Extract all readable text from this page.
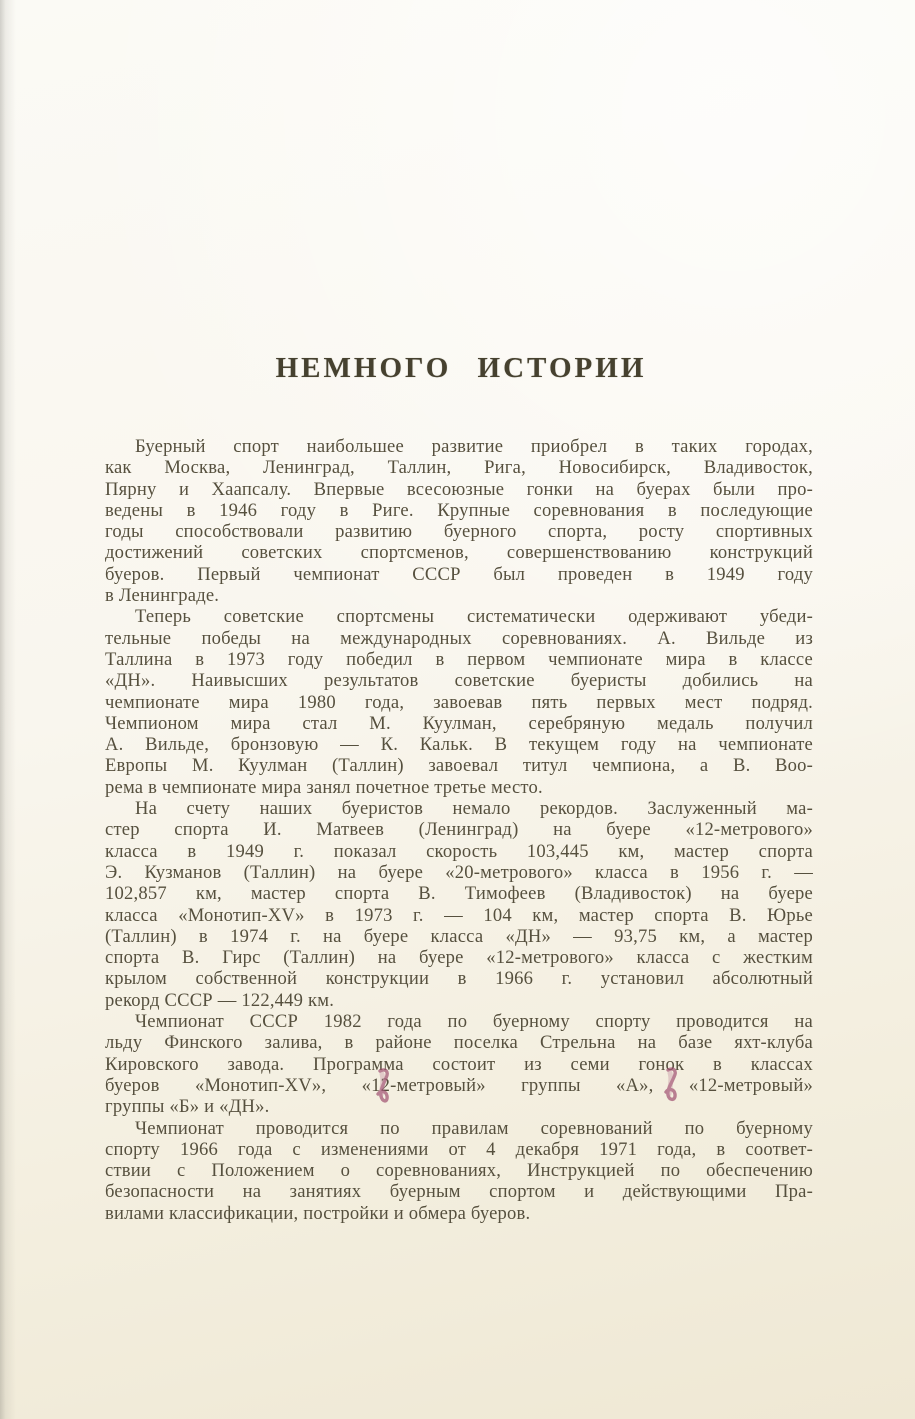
НЕМНОГО ИСТОРИИ
Буерный спорт наибольшее развитие приобрел в таких городах,
как Москва, Ленинград, Таллин, Рига, Новосибирск, Владивосток,
Пярну и Хаапсалу. Впервые всесоюзные гонки на буерах были про-
ведены в 1946 году в Риге. Крупные соревнования в последующие
годы способствовали развитию буерного спорта, росту спортивных
достижений советских спортсменов, совершенствованию конструкций
буеров. Первый чемпионат СССР был проведен в 1949 году
в Ленинграде.
Теперь советские спортсмены систематически одерживают убеди-
тельные победы на международных соревнованиях. А. Вильде из
Таллина в 1973 году победил в первом чемпионате мира в классе
«ДН». Наивысших результатов советские буеристы добились на
чемпионате мира 1980 года, завоевав пять первых мест подряд.
Чемпионом мира стал М. Куулман, серебряную медаль получил
А. Вильде, бронзовую — К. Кальк. В текущем году на чемпионате
Европы М. Куулман (Таллин) завоевал титул чемпиона, а В. Воо-
рема в чемпионате мира занял почетное третье место.
На счету наших буеристов немало рекордов. Заслуженный ма-
стер спорта И. Матвеев (Ленинград) на буере «12-метрового»
класса в 1949 г. показал скорость 103,445 км, мастер спорта
Э. Кузманов (Таллин) на буере «20-метрового» класса в 1956 г. —
102,857 км, мастер спорта В. Тимофеев (Владивосток) на буере
класса «Монотип-XV» в 1973 г. — 104 км, мастер спорта В. Юрье
(Таллин) в 1974 г. на буере класса «ДН» — 93,75 км, а мастер
спорта В. Гирс (Таллин) на буере «12-метрового» класса с жестким
крылом собственной конструкции в 1966 г. установил абсолютный
рекорд СССР — 122,449 км.
Чемпионат СССР 1982 года по буерному спорту проводится на
льду Финского залива, в районе поселка Стрельна на базе яхт-клуба
Кировского завода. Программа состоит из семи гонок в классах
буеров «Монотип-XV», «12-метровый» группы «А», «12-метровый»
группы «Б» и «ДН».
Чемпионат проводится по правилам соревнований по буерному
спорту 1966 года с изменениями от 4 декабря 1971 года, в соответ-
ствии с Положением о соревнованиях, Инструкцией по обеспечению
безопасности на занятиях буерным спортом и действующими Пра-
вилами классификации, постройки и обмера буеров.
